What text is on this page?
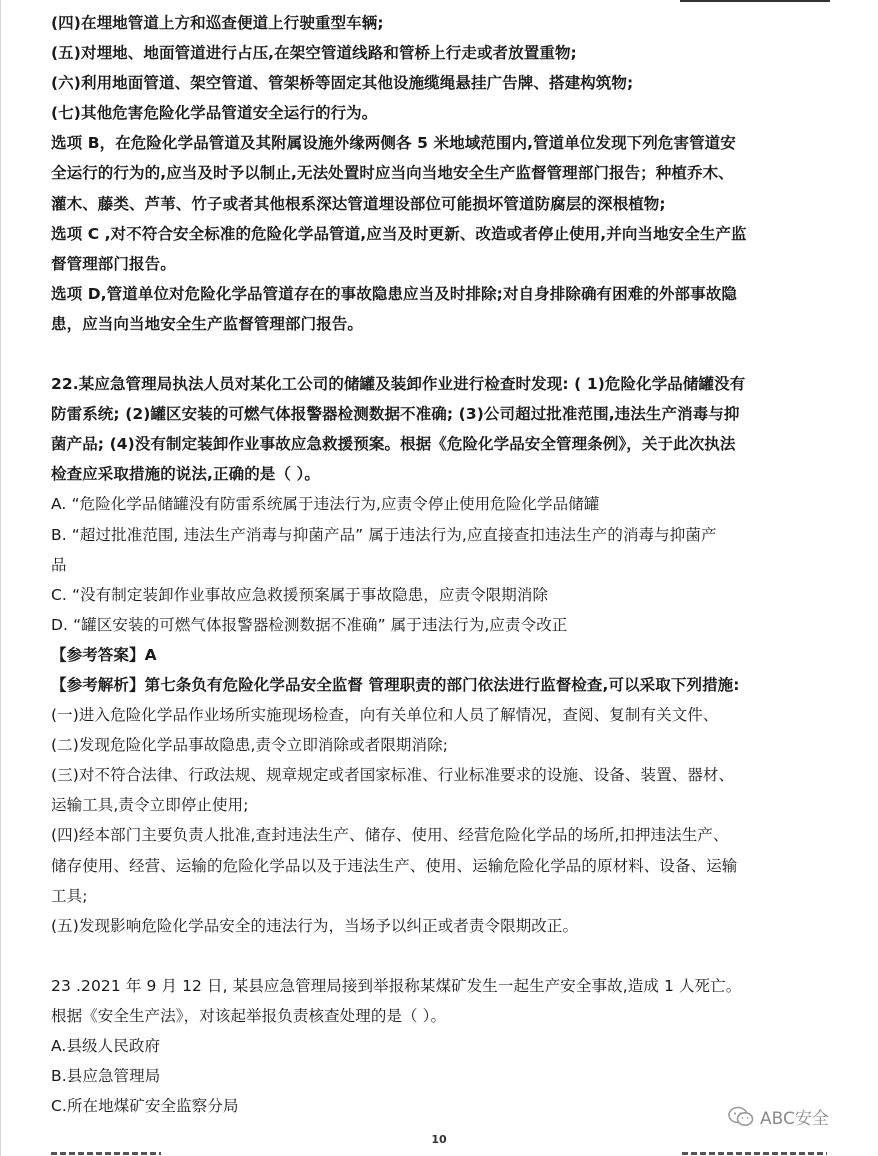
(四)在埋地管道上方和巡查便道上行驶重型车辆;
(五)对埋地、地面管道进行占压,在架空管道线路和管桥上行走或者放置重物;
(六)利用地面管道、架空管道、管架桥等固定其他设施缆绳悬挂广告牌、搭建构筑物;
(七)其他危害危险化学品管道安全运行的行为。
选项 B，在危险化学品管道及其附属设施外缘两侧各 5 米地域范围内,管道单位发现下列危害管道安
全运行的行为的,应当及时予以制止,无法处置时应当向当地安全生产监督管理部门报告；种植乔木、
灌木、藤类、芦苇、竹子或者其他根系深达管道埋设部位可能损坏管道防腐层的深根植物;
选项 C ,对不符合安全标准的危险化学品管道,应当及时更新、改造或者停止使用,并向当地安全生产监
督管理部门报告。
选项 D,管道单位对危险化学品管道存在的事故隐患应当及时排除;对自身排除确有困难的外部事故隐
患，应当向当地安全生产监督管理部门报告。
22.某应急管理局执法人员对某化工公司的储罐及装卸作业进行检查时发现: ( 1)危险化学品储罐没有
防雷系统; (2)罐区安装的可燃气体报警器检测数据不准确; (3)公司超过批准范围,违法生产消毒与抑
菌产品; (4)没有制定装卸作业事故应急救援预案。根据《危险化学品安全管理条例》，关于此次执法
检查应采取措施的说法,正确的是（ ）。
A. “危险化学品储罐没有防雷系统属于违法行为,应责令停止使用危险化学品储罐
B. “超过批准范围, 违法生产消毒与抑菌产品” 属于违法行为,应直接查扣违法生产的消毒与抑菌产
品
C. “没有制定装卸作业事故应急救援预案属于事故隐患，应责令限期消除
D. “罐区安装的可燃气体报警器检测数据不准确” 属于违法行为,应责令改正
【参考答案】A
【参考解析】第七条负有危险化学品安全监督 管理职责的部门依法进行监督检查,可以采取下列措施:
(一)进入危险化学品作业场所实施现场检查，向有关单位和人员了解情况，查阅、复制有关文件、
(二)发现危险化学品事故隐患,责令立即消除或者限期消除;
(三)对不符合法律、行政法规、规章规定或者国家标准、行业标准要求的设施、设备、装置、器材、
运输工具,责令立即停止使用;
(四)经本部门主要负责人批准,查封违法生产、储存、使用、经营危险化学品的场所,扣押违法生产、
储存使用、经营、运输的危险化学品以及于违法生产、使用、运输危险化学品的原材料、设备、运输
工具;
(五)发现影响危险化学品安全的违法行为，当场予以纠正或者责令限期改正。
23 .2021 年 9 月 12 日, 某县应急管理局接到举报称某煤矿发生一起生产安全事故,造成 1 人死亡。
根据《安全生产法》，对该起举报负责核查处理的是（ ）。
A.县级人民政府
B.县应急管理局
C.所在地煤矿安全监察分局
ABC安全
10
